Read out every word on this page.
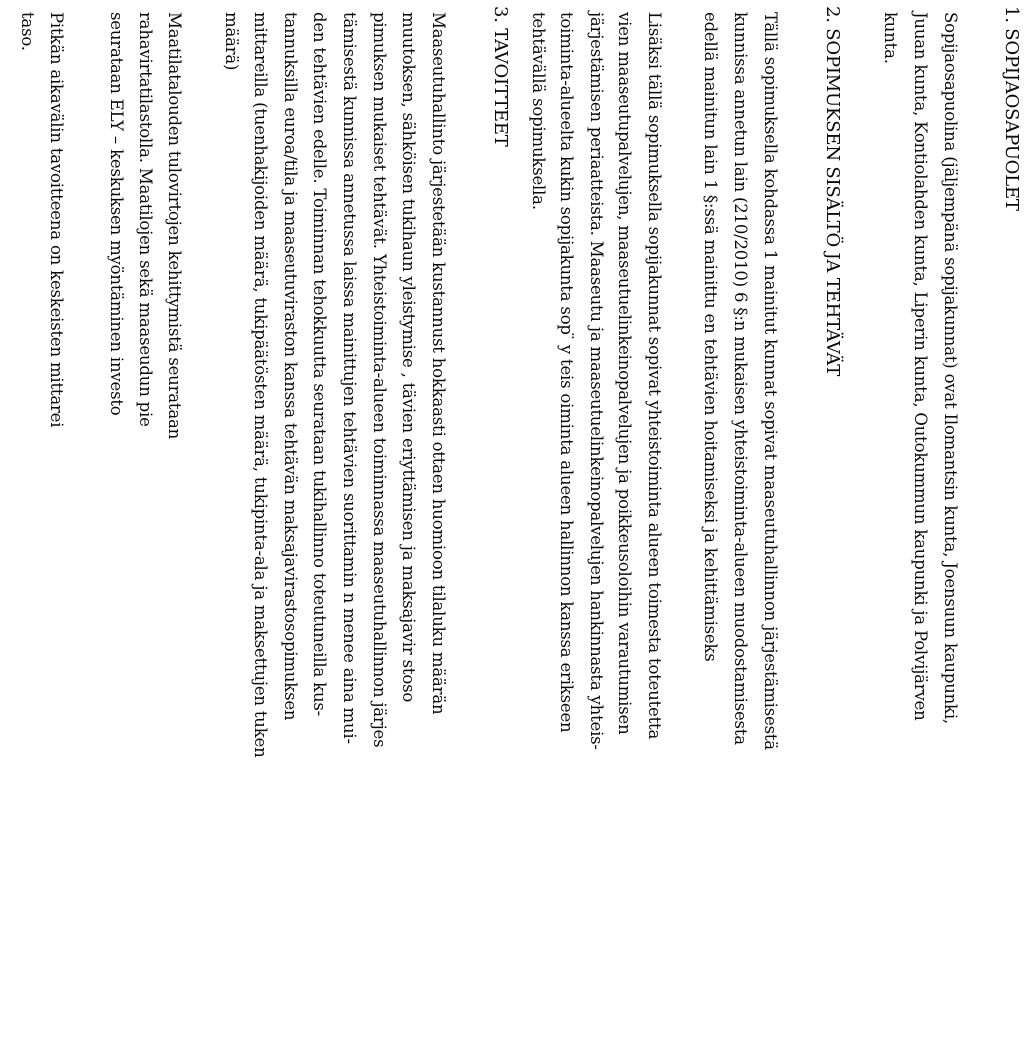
1. SOPIJAOSAPUOLET
Sopijaosapuolina (jäljempänä sopijakunnat) ovat Ilomantsin kunta, Joensuun kaupunki,
Juuan kunta, Kontiolahden kunta, Liperin kunta, Outokummun kaupunki ja Polvijärven
kunta.
2. SOPIMUKSEN SISÄLTÖ JA TEHTÄVÄT
Tällä sopimuksella kohdassa 1 mainitut kunnat sopivat maaseutuhallinnon järjestämisestä
kunnissa annetun lain (210/2010) 6 §:n mukaisen yhteistoiminta-alueen muodostamisesta
edellä mainitun lain 1 §:ssä mainittu en tehtävien hoitamiseksi ja kehittämiseks
Lisäksi tällä sopimuksella sopijakunnat sopivat yhteistoiminta alueen toimesta toteutetta
vien maaseutupalvelujen, maaseutuelinkeinopalvelujen ja poikkeusoloihin varautumisen
järjestämisen periaatteista. Maaseutu ja maaseutuelinkeinopalvelujen hankinnasta yhteis-
toiminta-alueelta kukin sopijakunta sop ̈ y teis oiminta alueen hallinnon kanssa erikseen
tehtävällä sopimuksella.
3. TAVOITTEET
Maaseutuhallinto järjestetään kustannust hokkaasti ottaen huomioon tilaluku määrän
muutoksen, sähköisen tukihaun yleistymise , tävien eriyttämisen ja maksajavir stoso
pimuksen mukaiset tehtävät. Yhteistoiminta-alueen toiminnassa maaseutuhallinnon järjes
tämisestä kunnissa annetussa laissa mainittujen tehtävien suorittamin n menee aina mui-
den tehtävien edelle. Toiminnan tehokkuutta seurataan tukihallinno toteutuneilla kus-
tannuksilla euroa/tila ja maaseutuviraston kanssa tehtävän maksajavirastosopimuksen
mittareilla (tuenhakijoiden määrä, tukipäätösten määrä, tukipinta-ala ja maksettujen tuken
määrä)
Maatilatalouden tulovirtojen kehittymistä seurataan
rahavirtatilastolla. Maatilojen sekä maaseudun pie
seurataan ELY – keskuksen myöntäminen investo
Pitkän aikavälin tavoitteena on keskeisten mittarei
taso.
